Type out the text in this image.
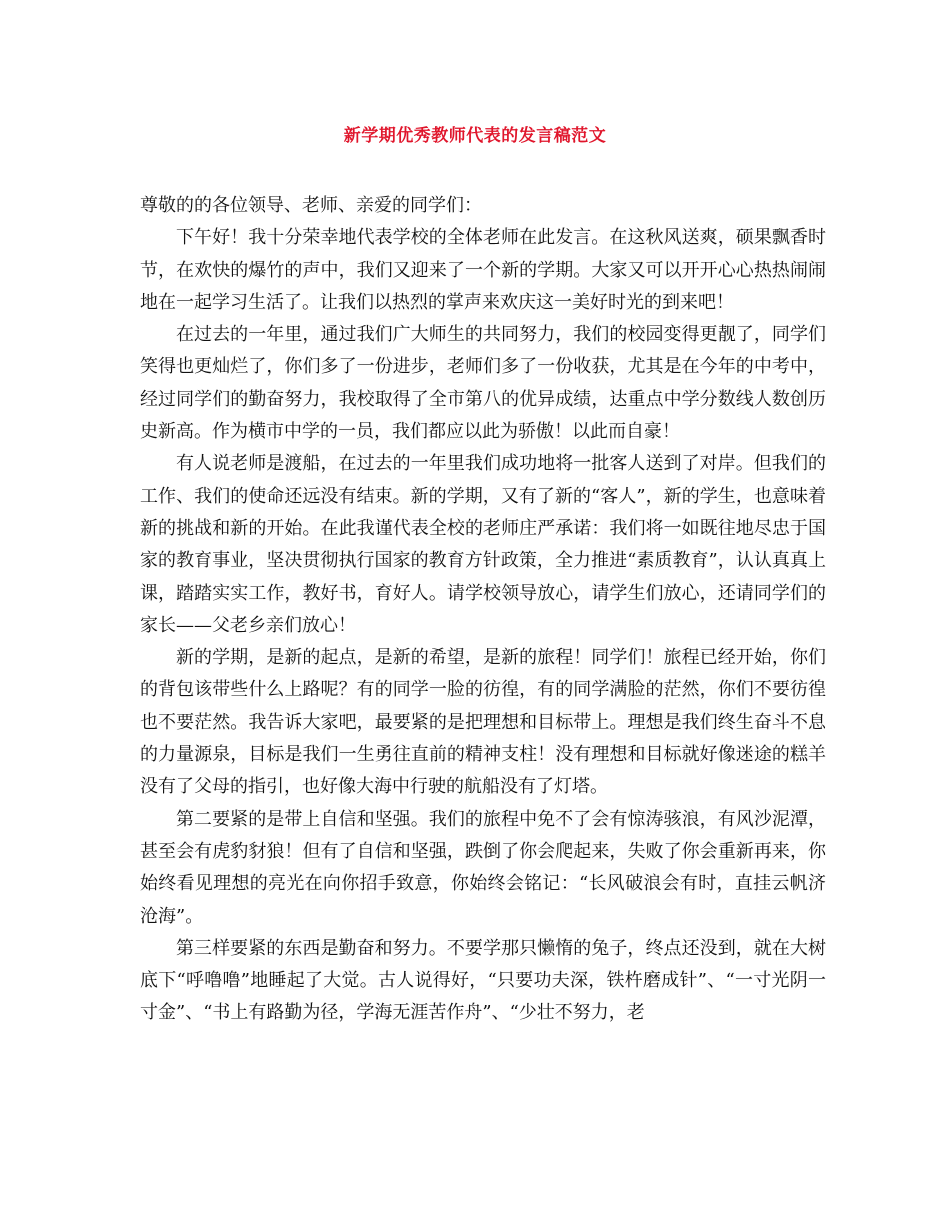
新学期优秀教师代表的发言稿范文

尊敬的的各位领导、老师、亲爱的同学们：

下午好！我十分荣幸地代表学校的全体老师在此发言。在这秋风送爽，硕果飘香时节，在欢快的爆竹的声中，我们又迎来了一个新的学期。大家又可以开开心心热热闹闹地在一起学习生活了。让我们以热烈的掌声来欢庆这一美好时光的到来吧！

在过去的一年里，通过我们广大师生的共同努力，我们的校园变得更靓了，同学们笑得也更灿烂了，你们多了一份进步，老师们多了一份收获，尤其是在今年的中考中，经过同学们的勤奋努力，我校取得了全市第八的优异成绩，达重点中学分数线人数创历史新高。作为横市中学的一员，我们都应以此为骄傲！以此而自豪！

有人说老师是渡船，在过去的一年里我们成功地将一批客人送到了对岸。但我们的工作、我们的使命还远没有结束。新的学期，又有了新的“客人”，新的学生，也意味着新的挑战和新的开始。在此我谨代表全校的老师庄严承诺：我们将一如既往地尽忠于国家的教育事业，坚决贯彻执行国家的教育方针政策，全力推进“素质教育”，认认真真上课，踏踏实实工作，教好书，育好人。请学校领导放心，请学生们放心，还请同学们的家长——父老乡亲们放心！

新的学期，是新的起点，是新的希望，是新的旅程！同学们！旅程已经开始，你们的背包该带些什么上路呢？有的同学一脸的彷徨，有的同学满脸的茫然，你们不要彷徨也不要茫然。我告诉大家吧，最要紧的是把理想和目标带上。理想是我们终生奋斗不息的力量源泉，目标是我们一生勇往直前的精神支柱！没有理想和目标就好像迷途的糕羊没有了父母的指引，也好像大海中行驶的航船没有了灯塔。

第二要紧的是带上自信和坚强。我们的旅程中免不了会有惊涛骇浪，有风沙泥潭，甚至会有虎豹豺狼！但有了自信和坚强，跌倒了你会爬起来，失败了你会重新再来，你始终看见理想的亮光在向你招手致意，你始终会铭记：“长风破浪会有时，直挂云帆济沧海”。

第三样要紧的东西是勤奋和努力。不要学那只懒惰的兔子，终点还没到，就在大树底下“呼噜噜”地睡起了大觉。古人说得好，“只要功夫深，铁杵磨成针”、“一寸光阴一寸金”、“书上有路勤为径，学海无涯苦作舟”、“少壮不努力，老
